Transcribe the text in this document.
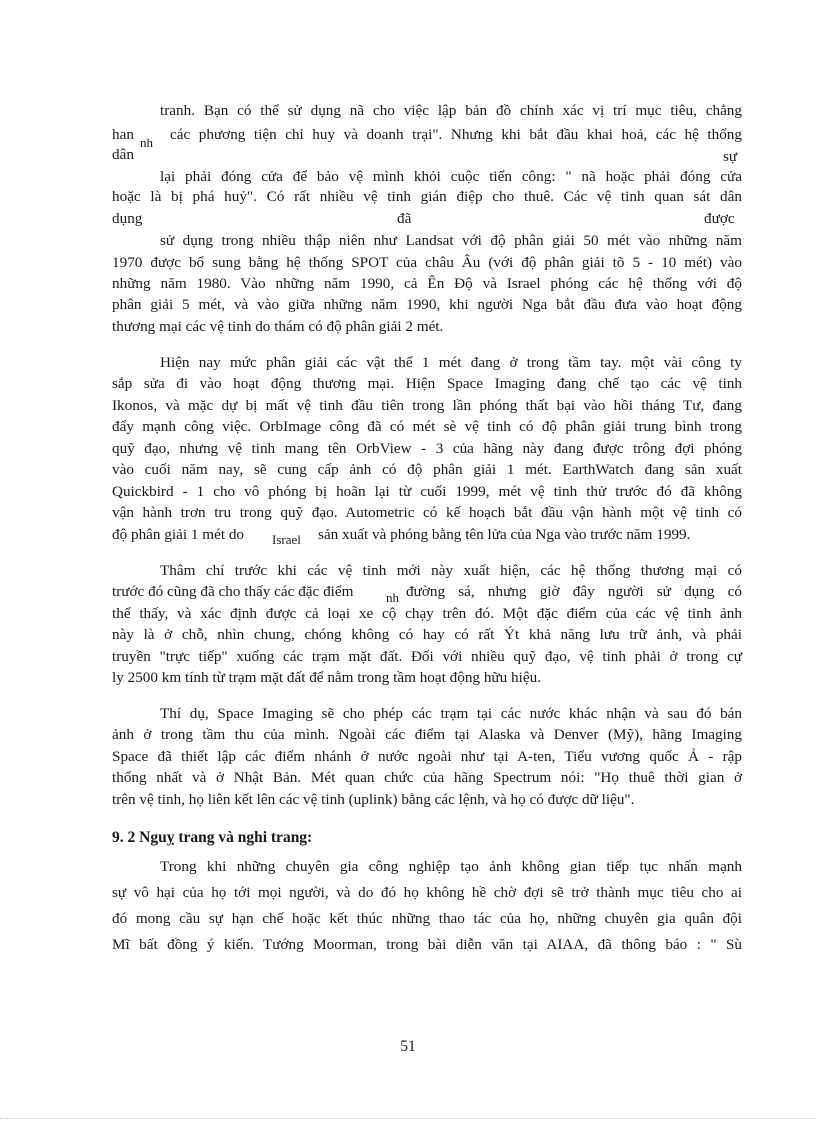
tranh. Bạn có thể sử dụng nã cho việc lập bản đồ chính xác vị trí mục tiêu, chẳng
han nh các phương tiện chỉ huy và doanh trại". Nhưng khi bắt đầu khai hoả, các hệ thống
dân	sự
lại phải đóng cửa để bảo vệ mình khỏi cuộc tiến công: " nã hoặc phải đóng cửa
hoặc là bị phá huỷ". Có rất nhiều vệ tinh gián điệp cho thuê. Các vệ tinh quan sát dân
dụng	đã	được
sử dụng trong nhiều thập niên như Landsat với độ phân giải 50 mét vào những năm
1970 được bổ sung bằng hệ thống SPOT của châu Âu (với độ phân giải tõ 5 - 10 mét) vào
những năm 1980. Vào những năm 1990, cả Ên Độ và Israel phóng các hệ thống với độ
phân giải 5 mét, và vào giữa những năm 1990, khi người Nga bắt đầu đưa vào hoạt động
thương mại các vệ tinh do thám có độ phân giải 2 mét.
Hiện nay mức phân giải các vật thể 1 mét đang ở trong tầm tay. một vài công ty
sắp sửa đi vào hoạt động thương mại. Hiện Space Imaging đang chế tạo các vệ tinh
Ikonos, và mặc dự bị mất vệ tinh đầu tiên trong lần phóng thất bại vào hồi tháng Tư, đang
đẩy mạnh công việc. OrbImage công đã có mét sè vệ tinh có độ phân giải trung bình trong
quỹ đạo, nhưng vệ tinh mang tên OrbView - 3 của hãng này đang được trông đợi phóng
vào cuối năm nay, sẽ cung cấp ảnh có độ phân giải 1 mét. EarthWatch đang sản xuất
Quickbird - 1 cho vô phóng bị hoãn lại từ cuối 1999, mét vệ tinh thử trước đó đã không
vận hành trơn tru trong quỹ đạo. Autometric có kế hoạch bắt đầu vận hành một vệ tinh có
độ phân giải 1 mét do Israel sản xuất và phóng bằng tên lửa của Nga vào trước năm 1999.
Thâm chí trước khi các vệ tinh mới này xuất hiện, các hệ thống thương mại có
trước đó cũng đã cho thấy các đặc điểm	nh đường sá, nhưng giờ đây người sử dụng có
thể thấy, và xác định được cả loại xe cộ chạy trên đó. Một đặc điểm của các vệ tinh ảnh
này là ở chỗ, nhìn chung, chóng không có hay có rất Ýt khả năng lưu trữ ảnh, và phải
truyền "trực tiếp" xuống các trạm mặt đất. Đối với nhiều quỹ đạo, vệ tinh phải ở trong cự
ly 2500 km tính từ trạm mặt đất để nằm trong tầm hoạt động hữu hiệu.
Thí dụ, Space Imaging sẽ cho phép các trạm tại các nước khác nhận và sau đó bán
ảnh ở trong tầm thu của mình. Ngoài các điểm tại Alaska và Denver (Mỹ), hãng Imaging
Space đã thiết lập các điểm nhánh ở nước ngoài như tại A-ten, Tiểu vương quốc Ả - rập
thống nhất và ở Nhật Bản. Mét quan chức của hãng Spectrum nói: "Họ thuê thời gian ở
trên vệ tinh, họ liên kết lên các vệ tinh (uplink) bằng các lệnh, và họ có được dữ liệu".
9. 2 Nguỵ trang và nghi trang:
Trong khi những chuyên gia công nghiệp tạo ảnh không gian tiếp tục nhấn mạnh
sự vô hại của họ tới mọi người, và do đó họ không hề chờ đợi sẽ trở thành mục tiêu cho ai
đó mong cầu sự hạn chế hoặc kết thúc những thao tác của họ, những chuyên gia quân đội
Mĩ bất đồng ý kiến. Tướng Moorman, trong bài diễn văn tại AIAA, đã thông báo : " Sù
51
